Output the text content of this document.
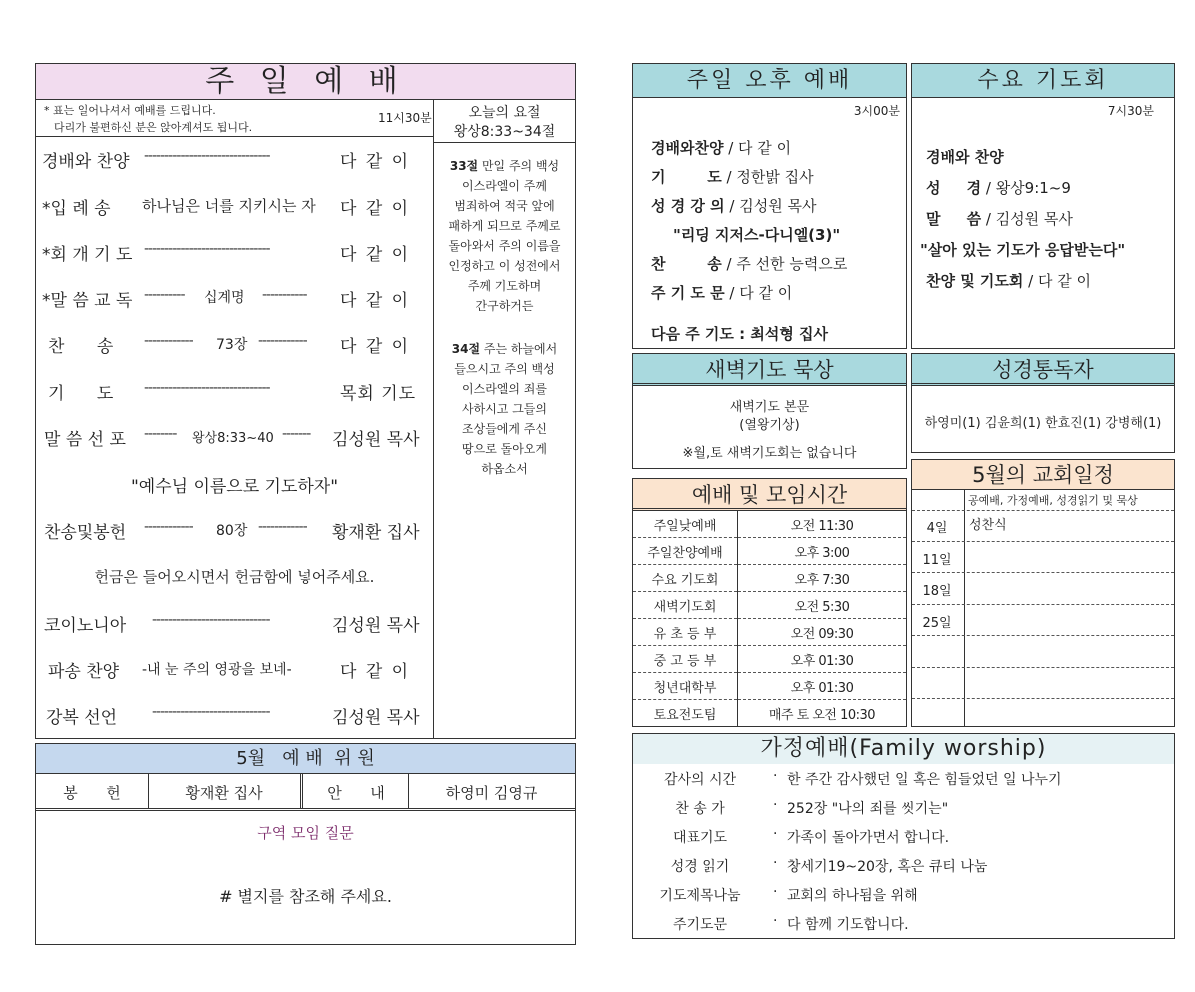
주 일 예 배
* 표는 일어나셔서 예배를 드립니다.
다리가 불편하신 분은 앉아계셔도 됩니다.
11시30분
경배와 찬양 -------------------------------	다 같 이
*입 례 송 하나님은 너를 지키시는 자 다 같 이
*회 개 기 도 -------------------------------	다 같 이
*말 씀 교 독 ---------- 십계명 ----------- 다 같 이
찬      송 ------------ 73장 ------------ 다 같 이
기      도 -------------------------------	목회 기도
말 씀 선 포 -------- 왕상8:33~40 ------- 김성원 목사
"예수님 이름으로 기도하자"
찬송및봉헌 ------------ 80장 ------------ 황재환 집사
헌금은 들어오시면서 헌금함에 넣어주세요.
코이노니아 -----------------------------	김성원 목사
파송 찬양 -내 눈 주의 영광을 보네-	다 같 이
강복 선언 -----------------------------	김성원 목사
오늘의 요절
왕상8:33~34절
33절 만일 주의 백성
이스라엘이 주께
범죄하여 적국 앞에
패하게 되므로 주께로
돌아와서 주의 이름을
인정하고 이 성전에서
주께 기도하며
간구하거든
34절 주는 하늘에서
들으시고 주의 백성
이스라엘의 죄를
사하시고 그들의
조상들에게 주신
땅으로 돌아오게
하옵소서
5월   예 배  위 원
봉      헌	황재환 집사	안      내	하영미 김영규
구역 모임 질문
# 별지를 참조해 주세요.
주일 오후 예배
3시00분
경배와찬양 / 다 같 이
기        도 / 정한밝 집사
성 경 강 의 / 김성원 목사
"리딩 지저스-다니엘(3)"
찬        송 / 주 선한 능력으로
주 기 도 문 / 다 같 이
다음 주 기도 : 최석형 집사
수요 기도회
7시30분
경배와 찬양
성     경 / 왕상9:1~9
말     씀 / 김성원 목사
"살아 있는 기도가 응답받는다"
찬양 및 기도회 / 다 같 이
새벽기도 묵상
새벽기도 본문
(열왕기상)
※월,토 새벽기도회는 없습니다
성경통독자
하영미(1) 김윤희(1) 한효진(1) 강병해(1)
예배 및 모임시간
주일낮예배	오전 11:30
주일찬양예배	오후 3:00
수요 기도회	오후 7:30
새벽기도회	오전 5:30
유 초 등 부	오전 09:30
중 고 등 부	오후 01:30
청년대학부	오후 01:30
토요전도팀	매주 토 오전 10:30
5월의 교회일정
공예배, 가정예배, 성경읽기 및 묵상
4일	성찬식
11일
18일
25일
가정예배(Family worship)
감사의 시간	· 한 주간 감사했던 일 혹은 힘들었던 일 나누기
찬 송 가	· 252장 "나의 죄를 씻기는"
대표기도	· 가족이 돌아가면서 합니다.
성경 읽기	· 창세기19~20장, 혹은 큐티 나눔
기도제목나눔	· 교회의 하나됨을 위해
주기도문	· 다 함께 기도합니다.
